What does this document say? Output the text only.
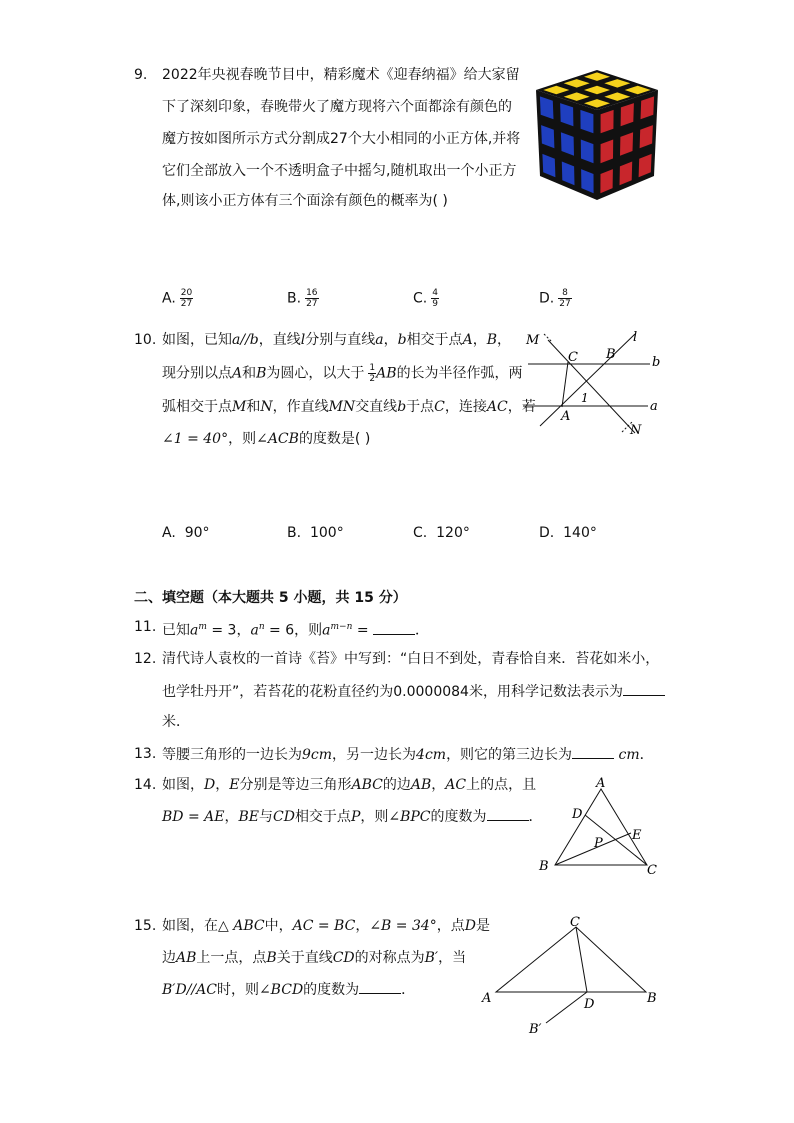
9. 2022年央视春晚节目中，精彩魔术《迎春纳福》给大家留
下了深刻印象，春晚带火了魔方现将六个面都涂有颜色的
魔方按如图所示方式分割成27个大小相同的小正方体,并将
它们全部放入一个不透明盒子中摇匀,随机取出一个小正方
体,则该小正方体有三个面涂有颜色的概率为( )
A. $\frac{20}{27}$	B. $\frac{16}{27}$	C. $\frac{4}{9}$	D. $\frac{8}{27}$
10. 如图，已知a//b，直线l分别与直线a，b相交于点A，B，
现分别以点A和B为圆心，以大于 $\frac{1}{2}$ AB的长为半径作弧，两
弧相交于点M和N，作直线MN交直线b于点C，连接AC，若
∠1 = 40°，则∠ACB的度数是( )
M
C B
l
b
A
1
a
N
A. 90°	B. 100°	C. 120°	D. 140°
二、填空题（本大题共 5 小题，共 15 分）
11. 已知$a^m = 3$，$a^n = 6$，则$a^{m-n}$ =	．
12. 清代诗人袁枚的一首诗《苔》中写到：“白日不到处，青春恰自来．苔花如米小，
也学牡丹开”，若苔花的花粉直径约为0.0000084米，用科学记数法表示为
米．
13. 等腰三角形的一边长为9cm，另一边长为4cm，则它的第三边长为	cm．
14. 如图，D，E分别是等边三角形ABC的边AB，AC上的点，且
BD = AE，BE与CD相交于点P，则∠BPC的度数为	．
A
D
E
P
B	C
15. 如图，在△ ABC中，AC = BC，∠B = 34°，点D是
边AB上一点，点B关于直线CD的对称点为B′，当
B′D//AC时，则∠BCD的度数为	．
C
A	D	B
B′
